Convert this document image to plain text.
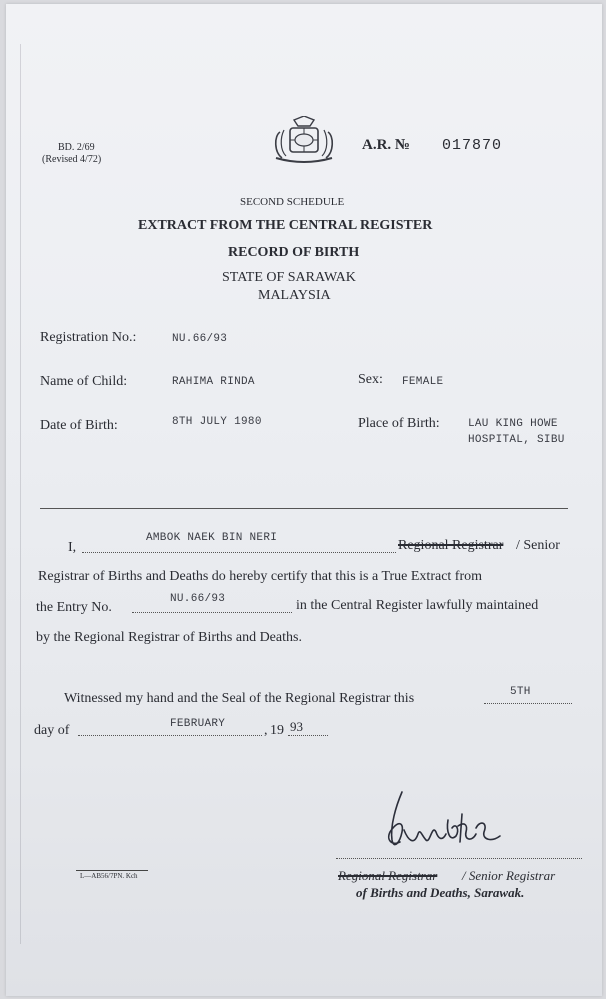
BD. 2/69
(Revised 4/72)
A.R. № 017870
SECOND SCHEDULE
EXTRACT FROM THE CENTRAL REGISTER
RECORD OF BIRTH
STATE OF SARAWAK
MALAYSIA
Registration No.:	NU.66/93
Name of Child:	RAHIMA RINDA	Sex: FEMALE
Date of Birth:	8TH JULY 1980	Place of Birth:	LAU KING HOWE
HOSPITAL, SIBU
I,
AMBOK NAEK BIN NERI	Regional Registrar / Senior
Registrar of Births and Deaths do hereby certify that this is a True Extract from
the Entry No.
NU.66/93	in the Central Register lawfully maintained
by the Regional Registrar of Births and Deaths.
Witnessed my hand and the Seal of the Regional Registrar this	5TH
day of	FEBRUARY	, 19 93
L—AB56/7PN. Kch	Regional Registrar / Senior Registrar
of Births and Deaths, Sarawak.
